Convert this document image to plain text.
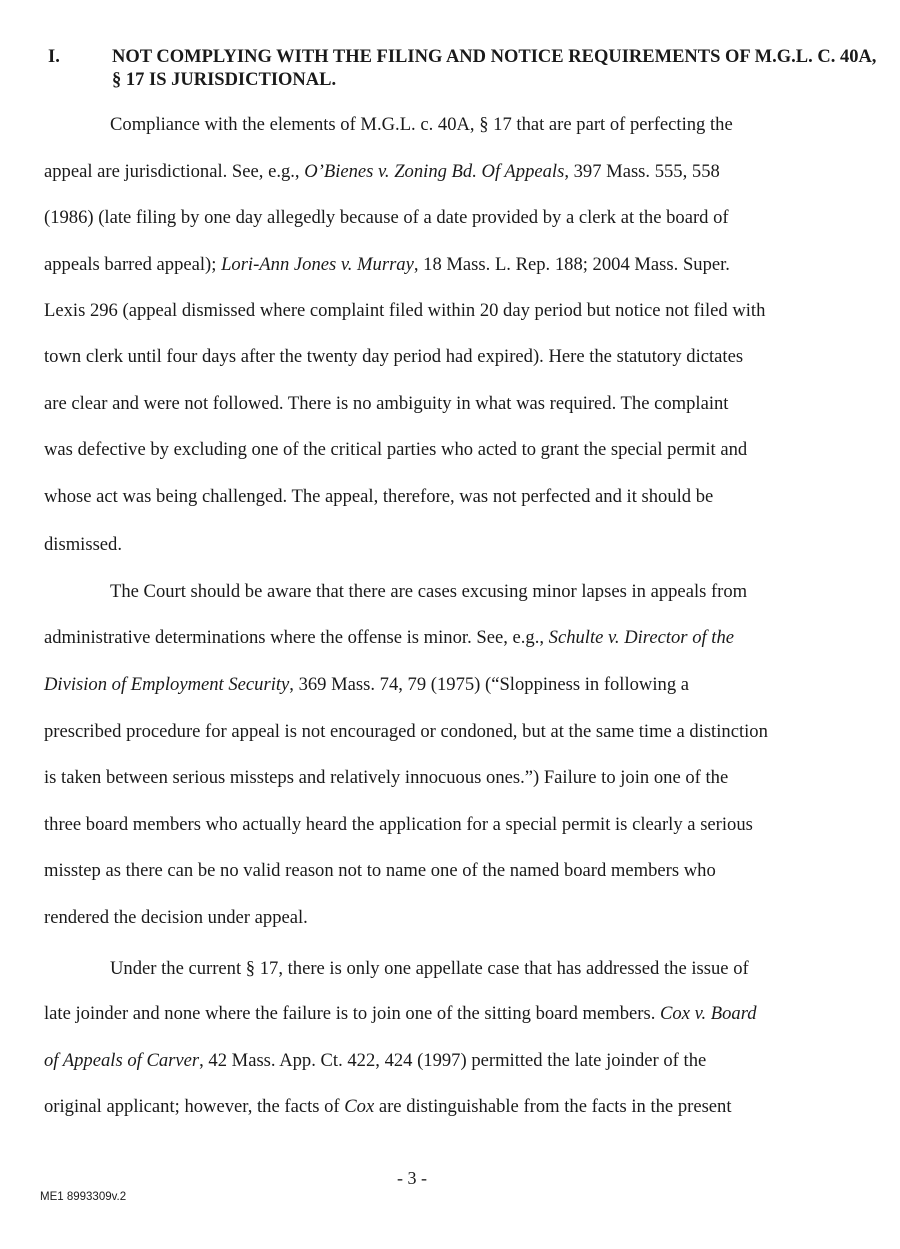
I.	NOT COMPLYING WITH THE FILING AND NOTICE REQUIREMENTS OF M.G.L. C. 40A, § 17 IS JURISDICTIONAL.
Compliance with the elements of M.G.L. c. 40A, § 17 that are part of perfecting the
appeal are jurisdictional. See, e.g., O’Bienes v. Zoning Bd. Of Appeals, 397 Mass. 555, 558
(1986) (late filing by one day allegedly because of a date provided by a clerk at the board of
appeals barred appeal); Lori-Ann Jones v. Murray, 18 Mass. L. Rep. 188; 2004 Mass. Super.
Lexis 296 (appeal dismissed where complaint filed within 20 day period but notice not filed with
town clerk until four days after the twenty day period had expired). Here the statutory dictates
are clear and were not followed. There is no ambiguity in what was required. The complaint
was defective by excluding one of the critical parties who acted to grant the special permit and
whose act was being challenged. The appeal, therefore, was not perfected and it should be
dismissed.
The Court should be aware that there are cases excusing minor lapses in appeals from
administrative determinations where the offense is minor. See, e.g., Schulte v. Director of the
Division of Employment Security, 369 Mass. 74, 79 (1975) (“Sloppiness in following a
prescribed procedure for appeal is not encouraged or condoned, but at the same time a distinction
is taken between serious missteps and relatively innocuous ones.”) Failure to join one of the
three board members who actually heard the application for a special permit is clearly a serious
misstep as there can be no valid reason not to name one of the named board members who
rendered the decision under appeal.
Under the current § 17, there is only one appellate case that has addressed the issue of
late joinder and none where the failure is to join one of the sitting board members. Cox v. Board
of Appeals of Carver, 42 Mass. App. Ct. 422, 424 (1997) permitted the late joinder of the
original applicant; however, the facts of Cox are distinguishable from the facts in the present
- 3 -
ME1 8993309v.2
